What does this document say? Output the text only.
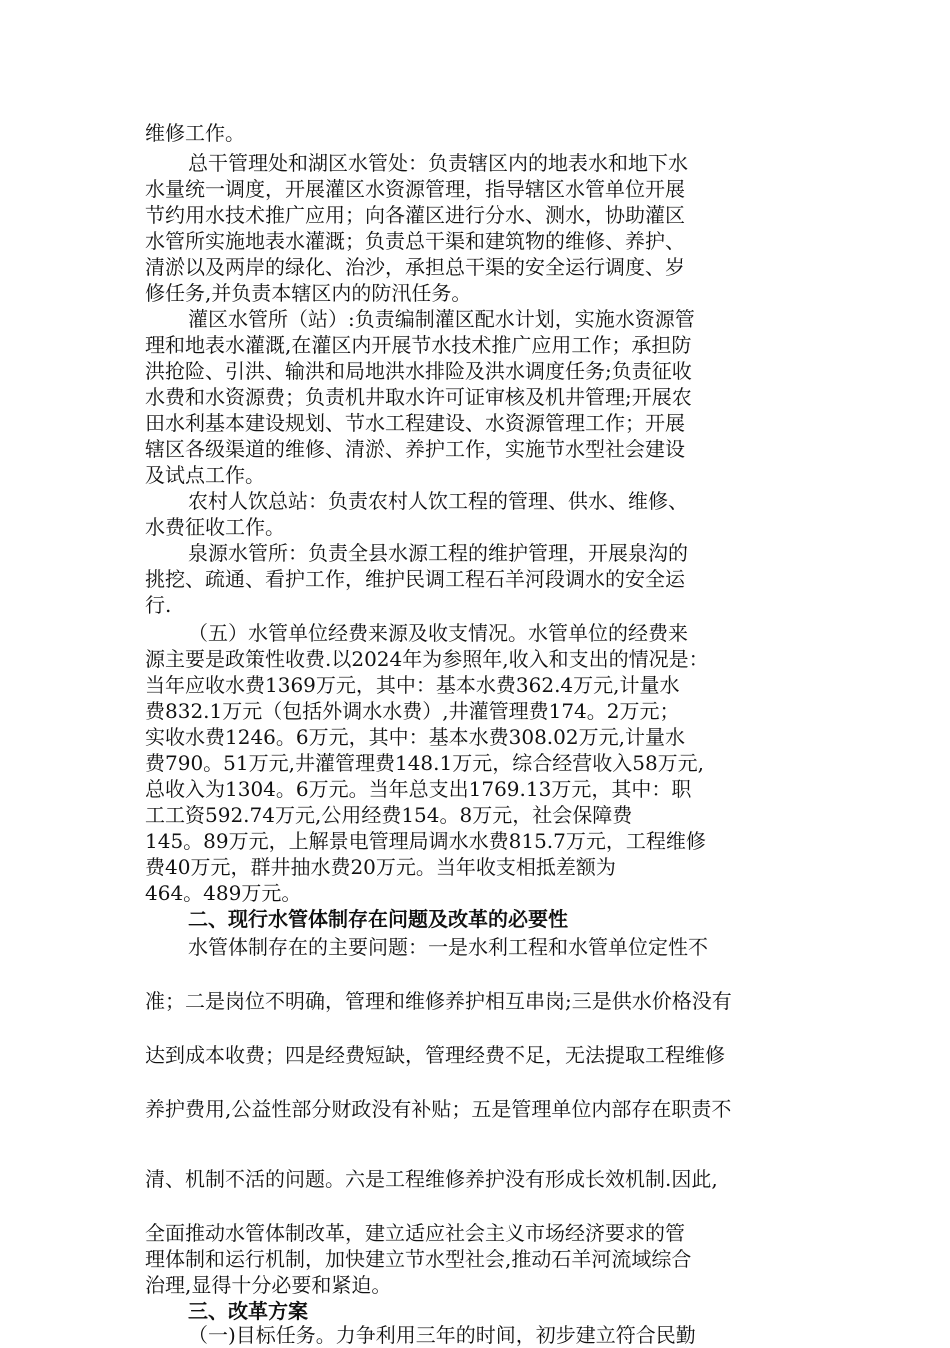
维修工作。
总干管理处和湖区水管处：负责辖区内的地表水和地下水
水量统一调度，开展灌区水资源管理，指导辖区水管单位开展
节约用水技术推广应用；向各灌区进行分水、测水，协助灌区
水管所实施地表水灌溉；负责总干渠和建筑物的维修、养护、
清淤以及两岸的绿化、治沙，承担总干渠的安全运行调度、岁
修任务,并负责本辖区内的防汛任务。
灌区水管所（站）:负责编制灌区配水计划，实施水资源管
理和地表水灌溉,在灌区内开展节水技术推广应用工作；承担防
洪抢险、引洪、输洪和局地洪水排险及洪水调度任务;负责征收
水费和水资源费；负责机井取水许可证审核及机井管理;开展农
田水利基本建设规划、节水工程建设、水资源管理工作；开展
辖区各级渠道的维修、清淤、养护工作，实施节水型社会建设
及试点工作。
农村人饮总站：负责农村人饮工程的管理、供水、维修、
水费征收工作。
泉源水管所：负责全县水源工程的维护管理，开展泉沟的
挑挖、疏通、看护工作，维护民调工程石羊河段调水的安全运
行.
（五）水管单位经费来源及收支情况。水管单位的经费来
源主要是政策性收费.以2024年为参照年,收入和支出的情况是：
当年应收水费1369万元，其中：基本水费362.4万元,计量水
费832.1万元（包括外调水水费）,井灌管理费174。2万元；
实收水费1246。6万元，其中：基本水费308.02万元,计量水
费790。51万元,井灌管理费148.1万元，综合经营收入58万元,
总收入为1304。6万元。当年总支出1769.13万元，其中：职
工工资592.74万元,公用经费154。8万元，社会保障费
145。89万元，上解景电管理局调水水费815.7万元，工程维修
费40万元，群井抽水费20万元。当年收支相抵差额为
464。489万元。
二、现行水管体制存在问题及改革的必要性
水管体制存在的主要问题：一是水利工程和水管单位定性不
准；二是岗位不明确，管理和维修养护相互串岗;三是供水价格没有
达到成本收费；四是经费短缺，管理经费不足，无法提取工程维修
养护费用,公益性部分财政没有补贴；五是管理单位内部存在职责不
清、机制不活的问题。六是工程维修养护没有形成长效机制.因此,
全面推动水管体制改革，建立适应社会主义市场经济要求的管
理体制和运行机制，加快建立节水型社会,推动石羊河流域综合
治理,显得十分必要和紧迫。
三、改革方案
（一)目标任务。力争利用三年的时间，初步建立符合民勤
